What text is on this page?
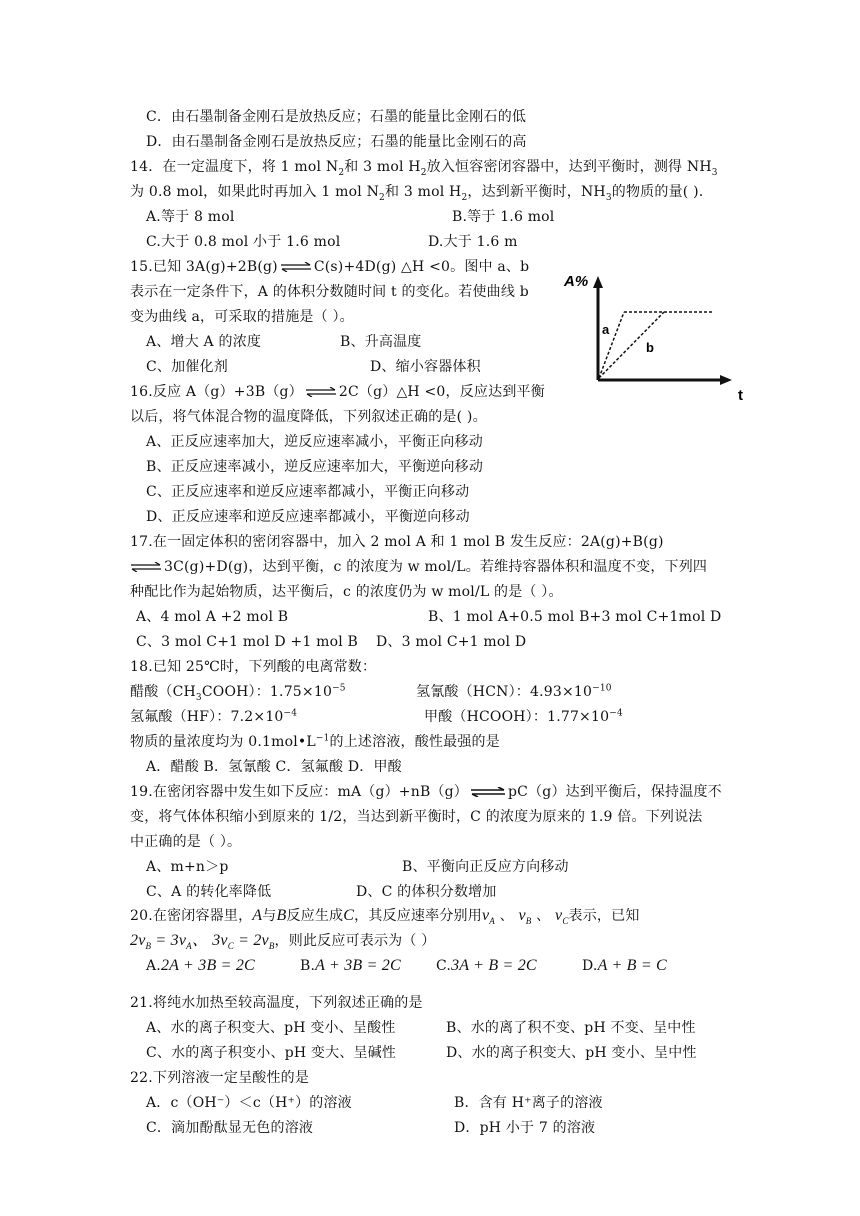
C．由石墨制备金刚石是放热反应；石墨的能量比金刚石的低
D．由石墨制备金刚石是放热反应；石墨的能量比金刚石的高
14．在一定温度下，将 1 mol $N_2$和 3 mol $H_2$放入恒容密闭容器中，达到平衡时，测得 $NH_3$
为 0.8 mol，如果此时再加入 1 mol $N_2$和 3 mol $H_2$，达到新平衡时，$NH_3$的物质的量( ).
A.等于 8 mol	B.等于 1.6 mol
C.大于 0.8 mol 小于 1.6 mol	D.大于 1.6 m
15.已知 3A(g)+2B(g) ⇌ C(s)+4D(g) △H <0。图中 a、b
表示在一定条件下，A 的体积分数随时间 t 的变化。若使曲线 b
变为曲线 a，可采取的措施是（ ）。
A、增大 A 的浓度	B、升高温度
C、加催化剂	D、缩小容器体积
A%
t
a
b
16.反应 A（g）+3B（g） ⇌ 2C（g）△H <0，反应达到平衡
以后，将气体混合物的温度降低，下列叙述正确的是( )。
A、正反应速率加大，逆反应速率减小，平衡正向移动
B、正反应速率减小，逆反应速率加大，平衡逆向移动
C、正反应速率和逆反应速率都减小，平衡正向移动
D、正反应速率和逆反应速率都减小，平衡逆向移动
17.在一固定体积的密闭容器中，加入 2 mol A 和 1 mol B 发生反应：2A(g)+B(g)
⇌ 3C(g)+D(g)，达到平衡，c 的浓度为 w mol/L。若维持容器体积和温度不变，下列四
种配比作为起始物质，达平衡后，c 的浓度仍为 w mol/L 的是（ ）。
A、4 mol A +2 mol B	B、1 mol A+0.5 mol B+3 mol C+1mol D
C、3 mol C+1 mol D +1 mol B D、3 mol C+1 mol D
18.已知 25℃时，下列酸的电离常数：
醋酸$(CH_3COOH)$：$1.75\times 10^{-5}$	氢氰酸（HCN）：$4.93\times 10^{-10}$
氢氟酸（HF）：$7.2\times 10^{-4}$	甲酸（HCOOH）：$1.77\times 10^{-4}$
物质的量浓度均为 $0.1mol•L^{-1}$的上述溶液，酸性最强的是
A．醋酸 B．氢氰酸 C．氢氟酸 D．甲酸
19.在密闭容器中发生如下反应：mA（g）+nB（g） ⇌ pC（g）达到平衡后，保持温度不
变，将气体体积缩小到原来的 1/2，当达到新平衡时，C 的浓度为原来的 1.9 倍。下列说法
中正确的是（ ）。
A、m+n＞p	B、平衡向正反应方向移动
C、A 的转化率降低	D、C 的体积分数增加
20.在密闭容器里，A与B反应生成C，其反应速率分别用$v_A$ 、 $v_B$ 、 $v_C$表示，已知
$2v_B = 3v_A$、 $3v_C = 2v_B$，则此反应可表示为（ ）
A.2A + 3B = 2C	B.A + 3B = 2C	C.3A + B = 2C	D.A + B = C
21.将纯水加热至较高温度，下列叙述正确的是
A、水的离子积变大、pH 变小、呈酸性	B、水的离了积不变、pH 不变、呈中性
C、水的离子积变小、pH 变大、呈碱性	D、水的离子积变大、pH 变小、呈中性
22.下列溶液一定呈酸性的是
A．c（OH⁻）＜c（H⁺）的溶液	B．含有 H⁺离子的溶液
C．滴加酚酞显无色的溶液	D．pH 小于 7 的溶液
